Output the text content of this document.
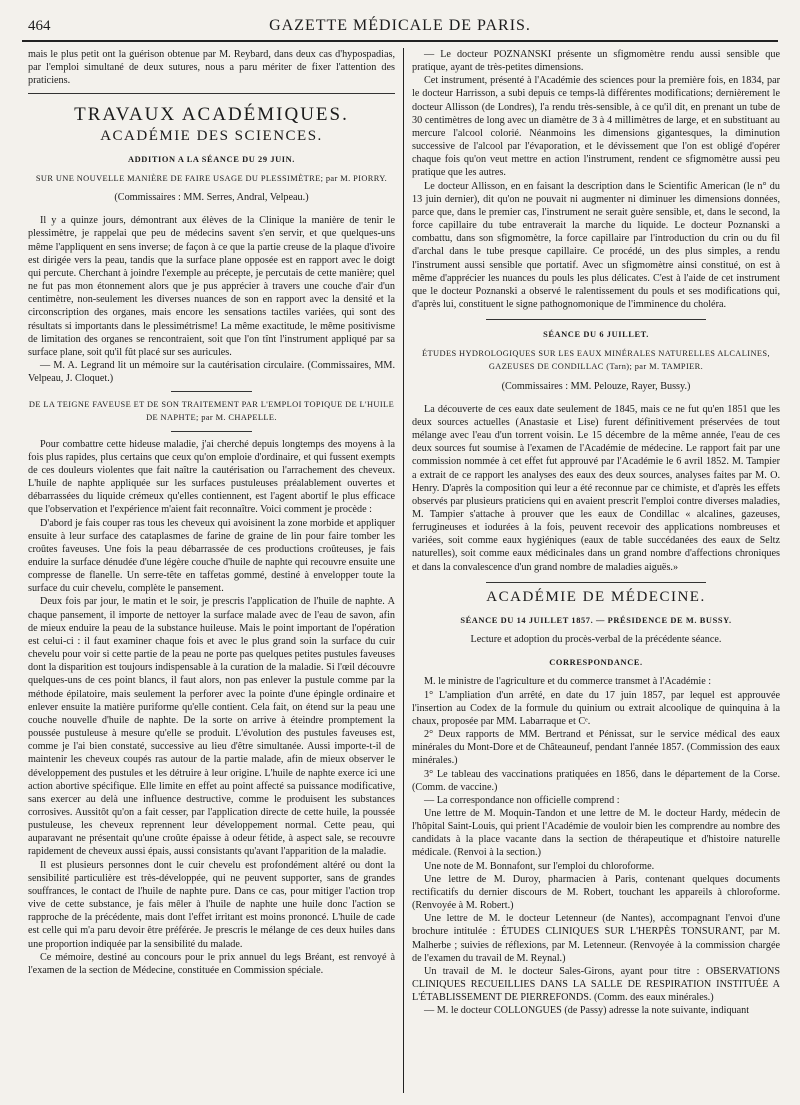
464	GAZETTE MÉDICALE DE PARIS.

mais le plus petit ont la guérison obtenue par M. Reybard, dans deux cas d'hypospadias, par l'emploi simultané de deux sutures, nous a paru mériter de fixer l'attention des praticiens.

TRAVAUX ACADÉMIQUES.
ACADÉMIE DES SCIENCES.
ADDITION A LA SÉANCE DU 29 JUIN.

SUR UNE NOUVELLE MANIÈRE DE FAIRE USAGE DU PLESSIMÈTRE; par M. PIORRY.

(Commissaires : MM. Serres, Andral, Velpeau.)

Il y a quinze jours, démontrant aux élèves de la Clinique la manière de tenir le plessimètre, je rappelai que peu de médecins savent s'en servir, et que quelques-uns même l'appliquent en sens inverse; de façon à ce que la partie creuse de la plaque d'ivoire est dirigée vers la peau, tandis que la surface plane opposée est en rapport avec le doigt qui percute. Cherchant à joindre l'exemple au précepte, je percutais de cette manière; quel ne fut pas mon étonnement alors que je pus apprécier à travers une couche d'air d'un centimètre, non-seulement les diverses nuances de son en rapport avec la densité et la circonscription des organes, mais encore les sensations tactiles variées, qui sont des résultats si importants dans le plessimétrisme! La même exactitude, le même positivisme de limitation des organes se rencontraient, soit que l'on tînt l'instrument appliqué par sa surface plane, soit qu'il fût placé sur ses auricules.

— M. A. Legrand lit un mémoire sur la cautérisation circulaire. (Commissaires, MM. Velpeau, J. Cloquet.)

DE LA TEIGNE FAVEUSE ET DE SON TRAITEMENT PAR L'EMPLOI TOPIQUE DE L'HUILE DE NAPHTE; par M. CHAPELLE.

Pour combattre cette hideuse maladie, j'ai cherché depuis longtemps des moyens à la fois plus rapides, plus certains que ceux qu'on emploie d'ordinaire, et qui fussent exempts de ces douleurs violentes que fait naître la cautérisation ou l'arrachement des cheveux. L'huile de naphte appliquée sur les surfaces pustuleuses préalablement ouvertes et débarrassées du liquide crémeux qu'elles contiennent, est l'agent abortif le plus efficace que l'observation et l'expérience m'aient fait reconnaître. Voici comment je procède :

D'abord je fais couper ras tous les cheveux qui avoisinent la zone morbide et appliquer ensuite à leur surface des cataplasmes de farine de graine de lin pour faire tomber les croûtes faveuses. Une fois la peau débarrassée de ces productions croûteuses, je fais enduire la surface dénudée d'une légère couche d'huile de naphte qui recouvre ensuite une compresse de flanelle. Un serre-tête en taffetas gommé, destiné à envelopper toute la surface du cuir chevelu, complète le pansement.

Deux fois par jour, le matin et le soir, je prescris l'application de l'huile de naphte. A chaque pansement, il importe de nettoyer la surface malade avec de l'eau de savon, afin de mieux enduire la peau de la substance huileuse. Mais le point important de l'opération est celui-ci : il faut examiner chaque fois et avec le plus grand soin la surface du cuir chevelu pour voir si cette partie de la peau ne porte pas quelques petites pustules faveuses dont la disparition est toujours indispensable à la curation de la maladie. Si l'œil découvre quelques-uns de ces point blancs, il faut alors, non pas enlever la pustule comme par la méthode épilatoire, mais seulement la perforer avec la pointe d'une épingle ordinaire et enlever ensuite la matière puriforme qu'elle contient. Cela fait, on étend sur la peau une couche nouvelle d'huile de naphte. De la sorte on arrive à éteindre promptement la poussée pustuleuse à mesure qu'elle se produit. L'évolution des pustules faveuses est, comme je l'ai bien constaté, successive au lieu d'être simultanée. Aussi importe-t-il de maintenir les cheveux coupés ras autour de la partie malade, afin de mieux observer le développement des pustules et les détruire à leur origine. L'huile de naphte exerce ici une action abortive spécifique. Elle limite en effet au point affecté sa puissance modificative, sans exercer au delà une influence destructive, comme le produisent les substances corrosives. Aussitôt qu'on a fait cesser, par l'application directe de cette huile, la poussée pustuleuse, les cheveux reprennent leur développement normal. Cette peau, qui auparavant ne présentait qu'une croûte épaisse à odeur fétide, à aspect sale, se recouvre rapidement de cheveux aussi épais, aussi consistants qu'avant l'apparition de la maladie.

Il est plusieurs personnes dont le cuir chevelu est profondément altéré ou dont la sensibilité particulière est très-développée, qui ne peuvent supporter, sans de grandes souffrances, le contact de l'huile de naphte pure. Dans ce cas, pour mitiger l'action trop vive de cette substance, je fais mêler à l'huile de naphte une huile donc l'action se rapproche de la précédente, mais dont l'effet irritant est moins prononcé. L'huile de cade est celle qui m'a paru devoir être préférée. Je prescris le mélange de ces deux huiles dans une proportion indiquée par la sensibilité du malade.

Ce mémoire, destiné au concours pour le prix annuel du legs Bréant, est renvoyé à l'examen de la section de Médecine, constituée en Commission spéciale.

— Le docteur POZNANSKI présente un sfigmomètre rendu aussi sensible que pratique, ayant de très-petites dimensions.

Cet instrument, présenté à l'Académie des sciences pour la première fois, en 1834, par le docteur Harrisson, a subi depuis ce temps-là différentes modifications; dernièrement le docteur Allisson (de Londres), l'a rendu très-sensible, à ce qu'il dit, en prenant un tube de 30 centimètres de long avec un diamètre de 3 à 4 millimètres de large, et en substituant au mercure l'alcool colorié. Néanmoins les dimensions gigantesques, la diminution successive de l'alcool par l'évaporation, et le dévissement que l'on est obligé d'opérer chaque fois qu'on veut mettre en action l'instrument, rendent ce sfigmomètre aussi peu pratique que les autres.

Le docteur Allisson, en en faisant la description dans le Scientific American (le n° du 13 juin dernier), dit qu'on ne pouvait ni augmenter ni diminuer les dimensions données, parce que, dans le premier cas, l'instrument ne serait guère sensible, et, dans le second, la force capillaire du tube entraverait la marche du liquide. Le docteur Poznanski a combattu, dans son sfigmomètre, la force capillaire par l'introduction du crin ou du fil d'archal dans le tube presque capillaire. Ce procédé, un des plus simples, a rendu l'instrument aussi sensible que portatif. Avec un sfigmomètre ainsi constitué, on est à même d'apprécier les nuances du pouls les plus délicates. C'est à l'aide de cet instrument que le docteur Poznanski a observé le ralentissement du pouls et ses modifications qui, d'après lui, constituent le signe pathognomonique de l'imminence du choléra.

SÉANCE DU 6 JUILLET.

ÉTUDES HYDROLOGIQUES SUR LES EAUX MINÉRALES NATURELLES ALCALINES, GAZEUSES DE CONDILLAC (Tarn); par M. TAMPIER.

(Commissaires : MM. Pelouze, Rayer, Bussy.)

La découverte de ces eaux date seulement de 1845, mais ce ne fut qu'en 1851 que les deux sources actuelles (Anastasie et Lise) furent définitivement préservées de tout mélange avec l'eau d'un torrent voisin. Le 15 décembre de la même année, l'eau de ces deux sources fut soumise à l'examen de l'Académie de médecine. Le rapport fait par une commission nommée à cet effet fut approuvé par l'Académie le 6 avril 1852. M. Tampier a extrait de ce rapport les analyses des eaux des deux sources, analyses faites par M. O. Henry. D'après la composition qui leur a été reconnue par ce chimiste, et d'après les effets observés par plusieurs praticiens qui en avaient prescrit l'emploi contre diverses maladies, M. Tampier s'attache à prouver que les eaux de Condillac « alcalines, gazeuses, ferrugineuses et iodurées à la fois, peuvent recevoir des applications nombreuses et variées, soit comme eaux hygiéniques (eaux de table succédanées des eaux de Seltz naturelles), soit comme eaux médicinales dans un grand nombre d'affections chroniques et dans la convalescence d'un grand nombre de maladies aiguës.»

ACADÉMIE DE MÉDECINE.
SÉANCE DU 14 JUILLET 1857. — PRÉSIDENCE DE M. BUSSY.

Lecture et adoption du procès-verbal de la précédente séance.

CORRESPONDANCE.

M. le ministre de l'agriculture et du commerce transmet à l'Académie :

1° L'ampliation d'un arrêté, en date du 17 juin 1857, par lequel est approuvée l'insertion au Codex de la formule du quinium ou extrait alcoolique de quinquina à la chaux, proposée par MM. Labarraque et Cᵉ.

2° Deux rapports de MM. Bertrand et Pénissat, sur le service médical des eaux minérales du Mont-Dore et de Châteauneuf, pendant l'année 1857. (Commission des eaux minérales.)

3° Le tableau des vaccinations pratiquées en 1856, dans le département de la Corse. (Comm. de vaccine.)

— La correspondance non officielle comprend :

Une lettre de M. Moquin-Tandon et une lettre de M. le docteur Hardy, médecin de l'hôpital Saint-Louis, qui prient l'Académie de vouloir bien les comprendre au nombre des candidats à la place vacante dans la section de thérapeutique et d'histoire naturelle médicale. (Renvoi à la section.)

Une note de M. Bonnafont, sur l'emploi du chloroforme.

Une lettre de M. Duroy, pharmacien à Paris, contenant quelques documents rectificatifs du dernier discours de M. Robert, touchant les appareils à chloroforme. (Renvoyée à M. Robert.)

Une lettre de M. le docteur Letenneur (de Nantes), accompagnant l'envoi d'une brochure intitulée : ÉTUDES CLINIQUES SUR L'HERPÈS TONSURANT, par M. Malherbe ; suivies de réflexions, par M. Letenneur. (Renvoyée à la commission chargée de l'examen du travail de M. Reynal.)

Un travail de M. le docteur Sales-Girons, ayant pour titre : OBSERVATIONS CLINIQUES RECUEILLIES DANS LA SALLE DE RESPIRATION INSTITUÉE A L'ÉTABLISSEMENT DE PIERREFONDS. (Comm. des eaux minérales.)

— M. le docteur COLLONGUES (de Passy) adresse la note suivante, indiquant
